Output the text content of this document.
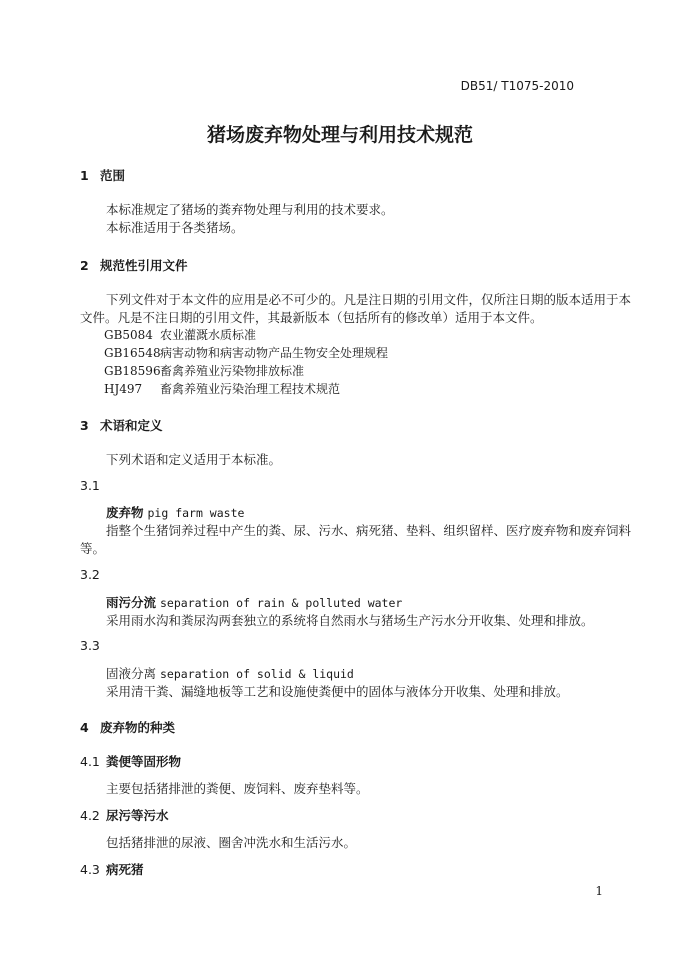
DB51/ T1075-2010
猪场废弃物处理与利用技术规范
1 范围
本标准规定了猪场的粪弃物处理与利用的技术要求。
本标准适用于各类猪场。
2 规范性引用文件
下列文件对于本文件的应用是必不可少的。凡是注日期的引用文件，仅所注日期的版本适用于本
文件。凡是不注日期的引用文件，其最新版本（包括所有的修改单）适用于本文件。
GB5084 农业灌溉水质标准
GB16548病害动物和病害动物产品生物安全处理规程
GB18596畜禽养殖业污染物排放标准
HJ497 畜禽养殖业污染治理工程技术规范
3 术语和定义
下列术语和定义适用于本标准。
3.1
废弃物 pig farm waste
指整个生猪饲养过程中产生的粪、尿、污水、病死猪、垫料、组织留样、医疗废弃物和废弃饲料
等。
3.2
雨污分流 separation of rain & polluted water
采用雨水沟和粪尿沟两套独立的系统将自然雨水与猪场生产污水分开收集、处理和排放。
3.3
固液分离 separation of solid & liquid
采用清干粪、漏缝地板等工艺和设施使粪便中的固体与液体分开收集、处理和排放。
4 废弃物的种类
4.1 粪便等固形物
主要包括猪排泄的粪便、废饲料、废弃垫料等。
4.2 尿污等污水
包括猪排泄的尿液、圈舍冲洗水和生活污水。
4.3 病死猪
1
